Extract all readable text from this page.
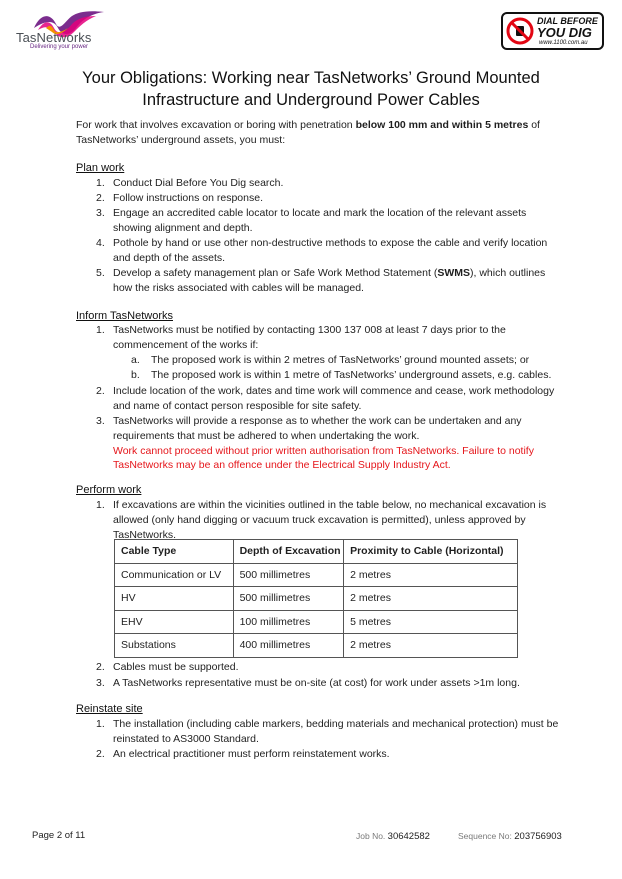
TasNetworks
Delivering your power
DIAL BEFORE
YOU DIG
www.1100.com.au
Your Obligations: Working near TasNetworks’ Ground Mounted
Infrastructure and Underground Power Cables
For work that involves excavation or boring with penetration below 100 mm and within 5 metres of TasNetworks’ underground assets, you must:
Plan work
1. Conduct Dial Before You Dig search.
2. Follow instructions on response.
3. Engage an accredited cable locator to locate and mark the location of the relevant assets showing alignment and depth.
4. Pothole by hand or use other non-destructive methods to expose the cable and verify location and depth of the assets.
5. Develop a safety management plan or Safe Work Method Statement (SWMS), which outlines how the risks associated with cables will be managed.
Inform TasNetworks
1. TasNetworks must be notified by contacting 1300 137 008 at least 7 days prior to the commencement of the works if:
a. The proposed work is within 2 metres of TasNetworks’ ground mounted assets; or
b. The proposed work is within 1 metre of TasNetworks’ underground assets, e.g. cables.
2. Include location of the work, dates and time work will commence and cease, work methodology and name of contact person resposible for site safety.
3. TasNetworks will provide a response as to whether the work can be undertaken and any requirements that must be adhered to when undertaking the work.
Work cannot proceed without prior written authorisation from TasNetworks. Failure to notify TasNetworks may be an offence under the Electrical Supply Industry Act.
Perform work
1. If excavations are within the vicinities outlined in the table below, no mechanical excavation is allowed (only hand digging or vacuum truck excavation is permitted), unless approved by TasNetworks.
Cable Type	Depth of Excavation	Proximity to Cable (Horizontal)
Communication or LV	500 millimetres	2 metres
HV	500 millimetres	2 metres
EHV	100 millimetres	5 metres
Substations	400 millimetres	2 metres
2. Cables must be supported.
3. A TasNetworks representative must be on-site (at cost) for work under assets >1m long.
Reinstate site
1. The installation (including cable markers, bedding materials and mechanical protection) must be reinstated to AS3000 Standard.
2. An electrical practitioner must perform reinstatement works.
Page 2 of 11	Job No. 30642582	Sequence No: 203756903
